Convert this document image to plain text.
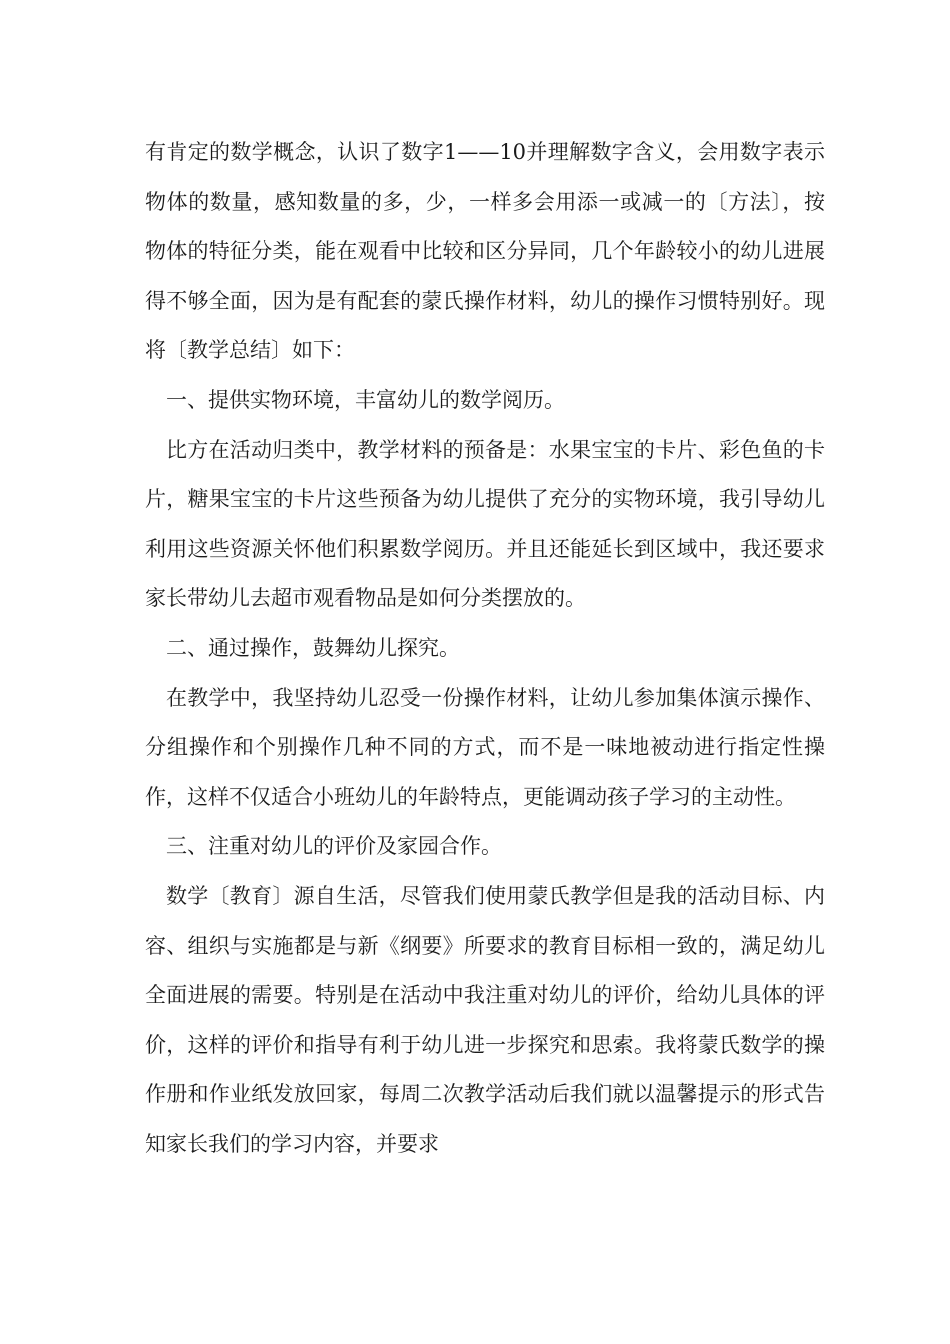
有肯定的数学概念，认识了数字1——10并理解数字含义，会用数字表示物体的数量，感知数量的多，少，一样多会用添一或减一的〔方法〕，按物体的特征分类，能在观看中比较和区分异同，几个年龄较小的幼儿进展得不够全面，因为是有配套的蒙氏操作材料，幼儿的操作习惯特别好。现将〔教学总结〕如下：

一、提供实物环境，丰富幼儿的数学阅历。

比方在活动归类中，教学材料的预备是：水果宝宝的卡片、彩色鱼的卡片，糖果宝宝的卡片这些预备为幼儿提供了充分的实物环境，我引导幼儿利用这些资源关怀他们积累数学阅历。并且还能延长到区域中，我还要求家长带幼儿去超市观看物品是如何分类摆放的。

二、通过操作，鼓舞幼儿探究。

在教学中，我坚持幼儿忍受一份操作材料，让幼儿参加集体演示操作、分组操作和个别操作几种不同的方式，而不是一味地被动进行指定性操作，这样不仅适合小班幼儿的年龄特点，更能调动孩子学习的主动性。

三、注重对幼儿的评价及家园合作。

数学〔教育〕源自生活，尽管我们使用蒙氏教学但是我的活动目标、内容、组织与实施都是与新《纲要》所要求的教育目标相一致的，满足幼儿全面进展的需要。特别是在活动中我注重对幼儿的评价，给幼儿具体的评价，这样的评价和指导有利于幼儿进一步探究和思索。我将蒙氏数学的操作册和作业纸发放回家，每周二次教学活动后我们就以温馨提示的形式告知家长我们的学习内容，并要求
